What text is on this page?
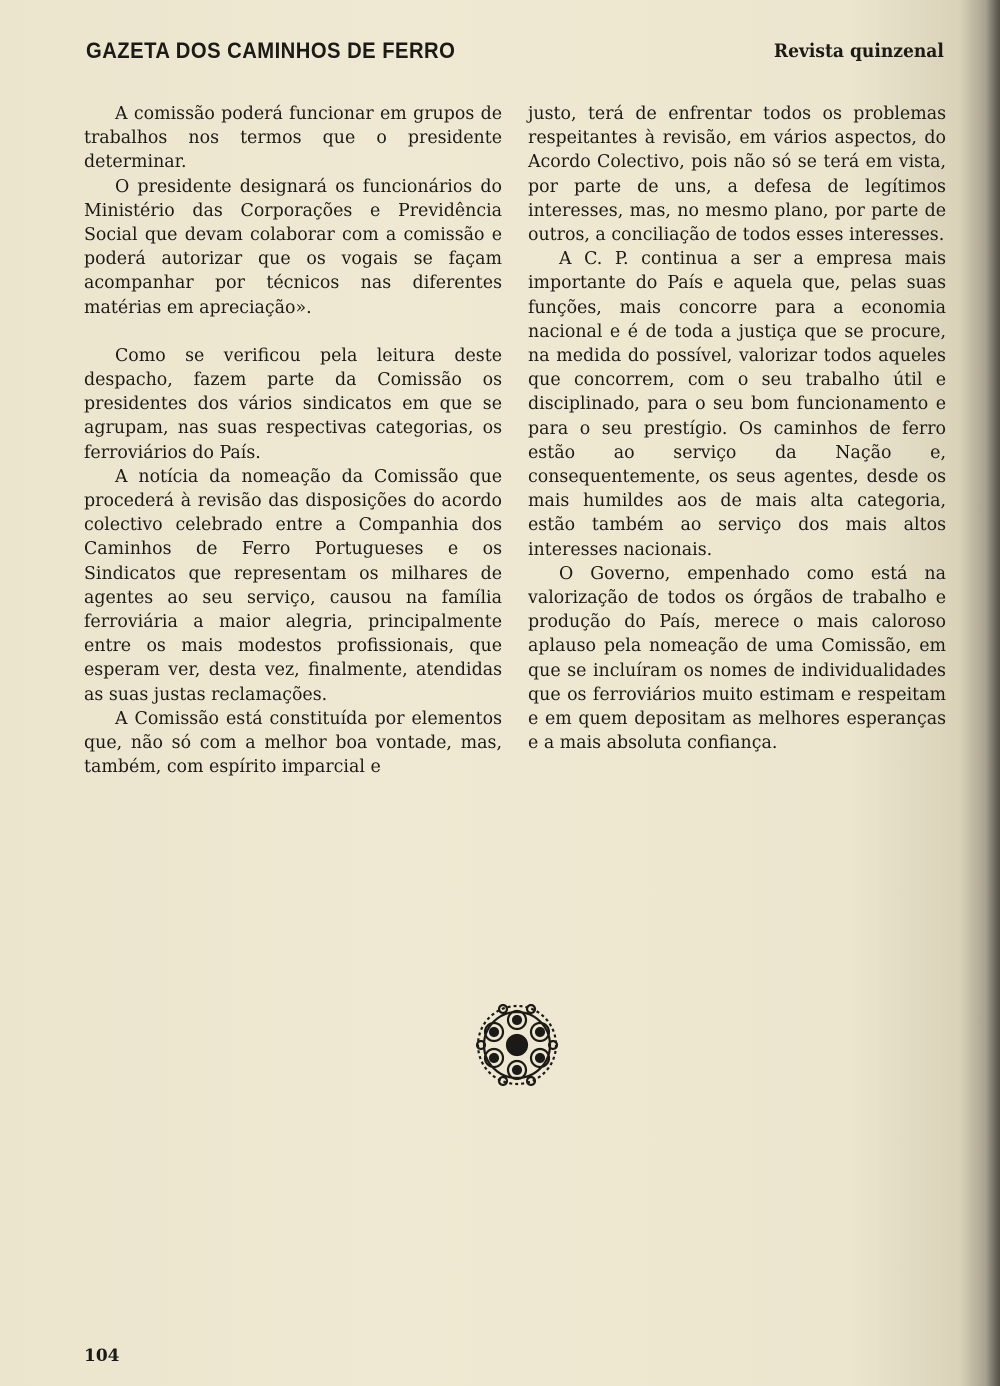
GAZETA DOS CAMINHOS DE FERRO	Revista quinzenal

A comissão poderá funcionar em grupos de trabalhos nos termos que o presidente determinar.

O presidente designará os funcionários do Ministério das Corporações e Previdência Social que devam colaborar com a comissão e poderá autorizar que os vogais se façam acompanhar por técnicos nas diferentes matérias em apreciação».

Como se verificou pela leitura deste despacho, fazem parte da Comissão os presidentes dos vários sindicatos em que se agrupam, nas suas respectivas categorias, os ferroviários do País.

A notícia da nomeação da Comissão que procederá à revisão das disposições do acordo colectivo celebrado entre a Companhia dos Caminhos de Ferro Portugueses e os Sindicatos que representam os milhares de agentes ao seu serviço, causou na família ferroviária a maior alegria, principalmente entre os mais modestos profissionais, que esperam ver, desta vez, finalmente, atendidas as suas justas reclamações.

A Comissão está constituída por elementos que, não só com a melhor boa vontade, mas, também, com espírito imparcial e

justo, terá de enfrentar todos os problemas respeitantes à revisão, em vários aspectos, do Acordo Colectivo, pois não só se terá em vista, por parte de uns, a defesa de legítimos interesses, mas, no mesmo plano, por parte de outros, a conciliação de todos esses interesses.

A C. P. continua a ser a empresa mais importante do País e aquela que, pelas suas funções, mais concorre para a economia nacional e é de toda a justiça que se procure, na medida do possível, valorizar todos aqueles que concorrem, com o seu trabalho útil e disciplinado, para o seu bom funcionamento e para o seu prestígio. Os caminhos de ferro estão ao serviço da Nação e, consequentemente, os seus agentes, desde os mais humildes aos de mais alta categoria, estão também ao serviço dos mais altos interesses nacionais.

O Governo, empenhado como está na valorização de todos os órgãos de trabalho e produção do País, merece o mais caloroso aplauso pela nomeação de uma Comissão, em que se incluíram os nomes de individualidades que os ferroviários muito estimam e respeitam e em quem depositam as melhores esperanças e a mais absoluta confiança.

104
